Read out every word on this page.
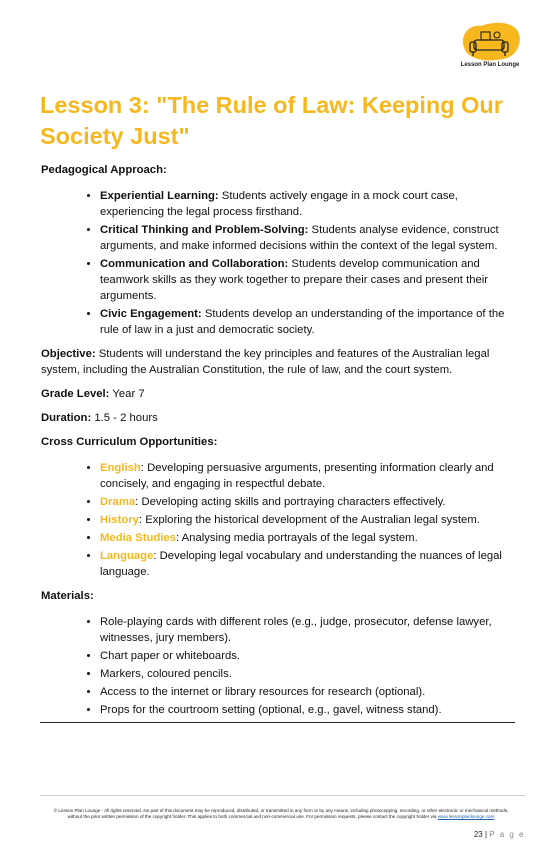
Lesson Plan Lounge
Lesson 3: "The Rule of Law: Keeping Our Society Just"

Pedagogical Approach:

• Experiential Learning: Students actively engage in a mock court case, experiencing the legal process firsthand.
• Critical Thinking and Problem-Solving: Students analyse evidence, construct arguments, and make informed decisions within the context of the legal system.
• Communication and Collaboration: Students develop communication and teamwork skills as they work together to prepare their cases and present their arguments.
• Civic Engagement: Students develop an understanding of the importance of the rule of law in a just and democratic society.

Objective: Students will understand the key principles and features of the Australian legal system, including the Australian Constitution, the rule of law, and the court system.

Grade Level: Year 7

Duration: 1.5 - 2 hours

Cross Curriculum Opportunities:

• English: Developing persuasive arguments, presenting information clearly and concisely, and engaging in respectful debate.
• Drama: Developing acting skills and portraying characters effectively.
• History: Exploring the historical development of the Australian legal system.
• Media Studies: Analysing media portrayals of the legal system.
• Language: Developing legal vocabulary and understanding the nuances of legal language.

Materials:

• Role-playing cards with different roles (e.g., judge, prosecutor, defense lawyer, witnesses, jury members).
• Chart paper or whiteboards.
• Markers, coloured pencils.
• Access to the internet or library resources for research (optional).
• Props for the courtroom setting (optional, e.g., gavel, witness stand).
© Lesson Plan Lounge - All rights reserved. No part of this document may be reproduced, distributed, or transmitted in any form or by any means, including photocopying, recording, or other electronic or mechanical methods, without the prior written permission of the copyright holder. This applies to both commercial and non-commercial use. For permission requests, please contact the copyright holder via www.lessonplanlounge.com
23 | P a g e
